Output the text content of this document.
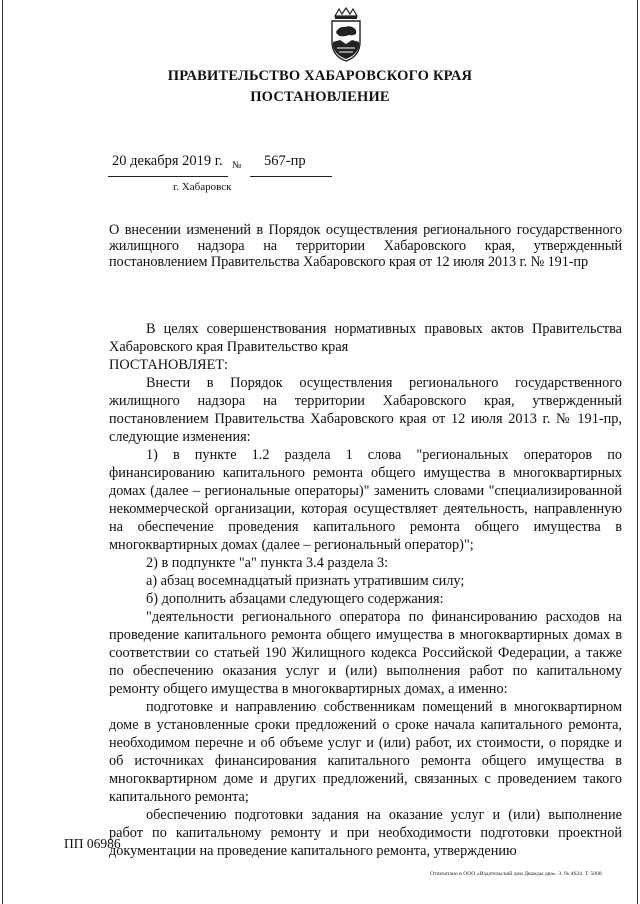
ПРАВИТЕЛЬСТВО ХАБАРОВСКОГО КРАЯ
ПОСТАНОВЛЕНИЕ
20 декабря 2019 г. № 567-пр
г. Хабаровск
О внесении изменений в Порядок осуществления регионального государственного жилищного надзора на территории Хабаровского края, утвержденный постановлением Правительства Хабаровского края от 12 июля 2013 г. № 191-пр

В целях совершенствования нормативных правовых актов Правительства Хабаровского края Правительство края

ПОСТАНОВЛЯЕТ:

Внести в Порядок осуществления регионального государственного жилищного надзора на территории Хабаровского края, утвержденный постановлением Правительства Хабаровского края от 12 июля 2013 г. № 191-пр, следующие изменения:

1) в пункте 1.2 раздела 1 слова "региональных операторов по финансированию капитального ремонта общего имущества в многоквартирных домах (далее – региональные операторы)" заменить словами "специализированной некоммерческой организации, которая осуществляет деятельность, направленную на обеспечение проведения капитального ремонта общего имущества в многоквартирных домах (далее – региональный оператор)";

2) в подпункте "а" пункта 3.4 раздела 3:

а) абзац восемнадцатый признать утратившим силу;

б) дополнить абзацами следующего содержания:

"деятельности регионального оператора по финансированию расходов на проведение капитального ремонта общего имущества в многоквартирных домах в соответствии со статьей 190 Жилищного кодекса Российской Федерации, а также по обеспечению оказания услуг и (или) выполнения работ по капитальному ремонту общего имущества в многоквартирных домах, а именно:

подготовке и направлению собственникам помещений в многоквартирном доме в установленные сроки предложений о сроке начала капитального ремонта, необходимом перечне и об объеме услуг и (или) работ, их стоимости, о порядке и об источниках финансирования капитального ремонта общего имущества в многоквартирном доме и других предложений, связанных с проведением такого капитального ремонта;

обеспечению подготовки задания на оказание услуг и (или) выполнение работ по капитальному ремонту и при необходимости подготовки проектной документации на проведение капитального ремонта, утверждению

ПП 06986
Отпечатано в ООО «Издательский дом Дважды два». З. № 4624. Т. 5000.
